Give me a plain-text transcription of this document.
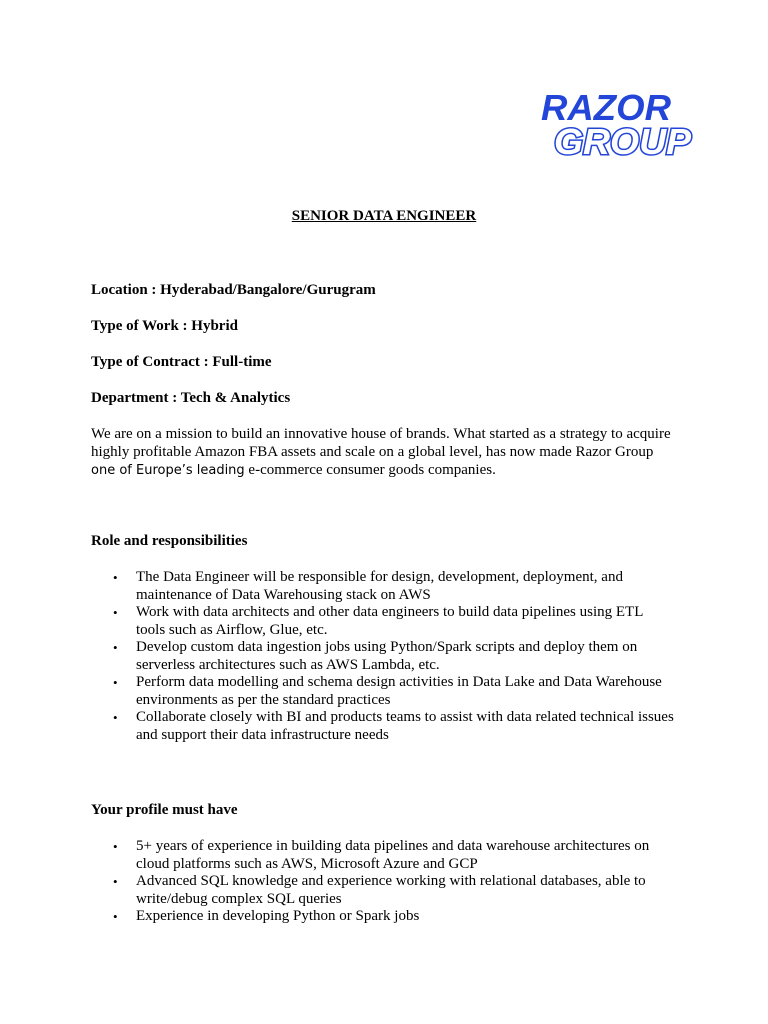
RAZOR
GROUP

SENIOR DATA ENGINEER

Location : Hyderabad/Bangalore/Gurugram

Type of Work : Hybrid

Type of Contract : Full-time

Department : Tech & Analytics

We are on a mission to build an innovative house of brands. What started as a strategy to acquire
highly profitable Amazon FBA assets and scale on a global level, has now made Razor Group
one of Europe’s leading e-commerce consumer goods companies.

Role and responsibilities

• The Data Engineer will be responsible for design, development, deployment, and
maintenance of Data Warehousing stack on AWS
• Work with data architects and other data engineers to build data pipelines using ETL
tools such as Airflow, Glue, etc.
• Develop custom data ingestion jobs using Python/Spark scripts and deploy them on
serverless architectures such as AWS Lambda, etc.
• Perform data modelling and schema design activities in Data Lake and Data Warehouse
environments as per the standard practices
• Collaborate closely with BI and products teams to assist with data related technical issues
and support their data infrastructure needs

Your profile must have

• 5+ years of experience in building data pipelines and data warehouse architectures on
cloud platforms such as AWS, Microsoft Azure and GCP
• Advanced SQL knowledge and experience working with relational databases, able to
write/debug complex SQL queries
• Experience in developing Python or Spark jobs
